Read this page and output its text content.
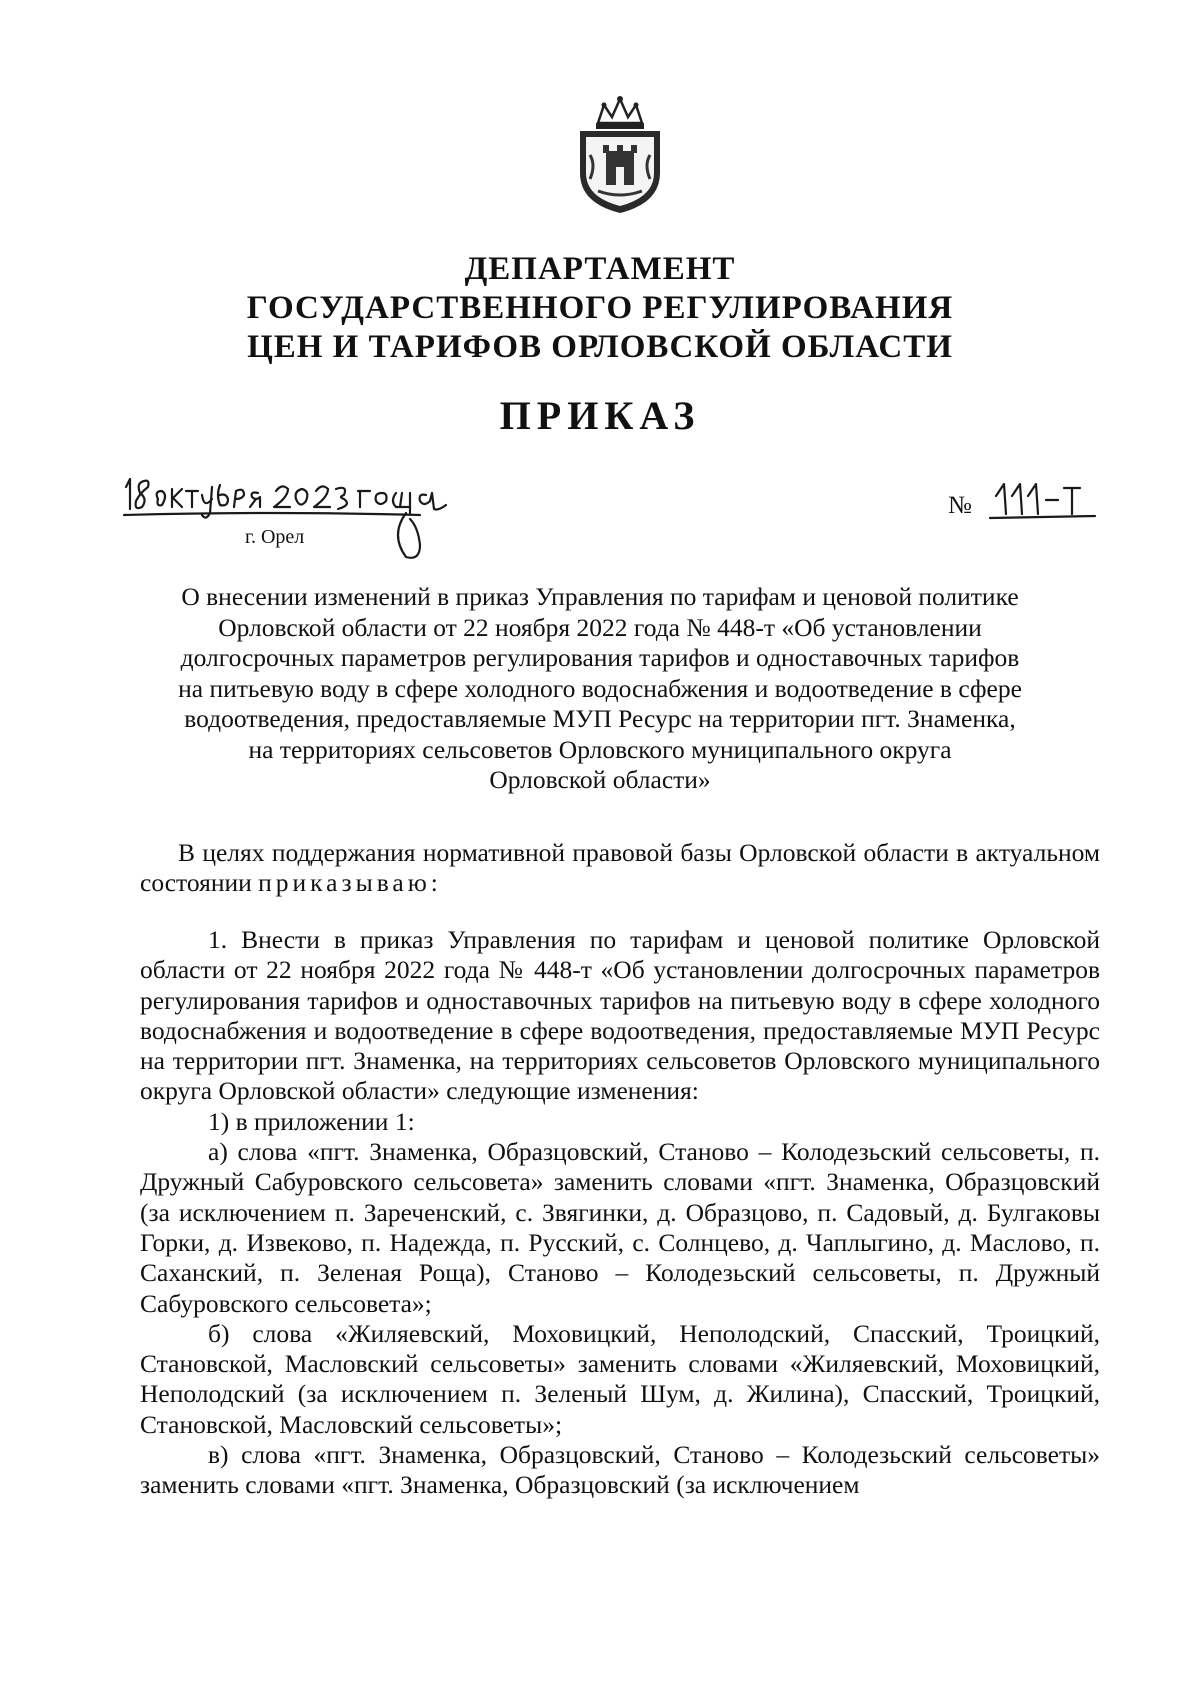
ДЕПАРТАМЕНТ
ГОСУДАРСТВЕННОГО РЕГУЛИРОВАНИЯ
ЦЕН И ТАРИФОВ ОРЛОВСКОЙ ОБЛАСТИ
ПРИКАЗ
г. Орел
№
О внесении изменений в приказ Управления по тарифам и ценовой политике
Орловской области от 22 ноября 2022 года № 448-т «Об установлении
долгосрочных параметров регулирования тарифов и одноставочных тарифов
на питьевую воду в сфере холодного водоснабжения и водоотведение в сфере
водоотведения, предоставляемые МУП Ресурс на территории пгт. Знаменка,
на территориях сельсоветов Орловского муниципального округа
Орловской области»

В целях поддержания нормативной правовой базы Орловской области в актуальном состоянии приказываю:

1. Внести в приказ Управления по тарифам и ценовой политике Орловской области от 22 ноября 2022 года № 448-т «Об установлении долгосрочных параметров регулирования тарифов и одноставочных тарифов на питьевую воду в сфере холодного водоснабжения и водоотведение в сфере водоотведения, предоставляемые МУП Ресурс на территории пгт. Знаменка, на территориях сельсоветов Орловского муниципального округа Орловской области» следующие изменения:

1) в приложении 1:

а) слова «пгт. Знаменка, Образцовский, Станово – Колодезьский сельсоветы, п. Дружный Сабуровского сельсовета» заменить словами «пгт. Знаменка, Образцовский (за исключением п. Зареченский, с. Звягинки, д. Образцово, п. Садовый, д. Булгаковы Горки, д. Извеково, п. Надежда, п. Русский, с. Солнцево, д. Чаплыгино, д. Маслово, п. Саханский, п. Зеленая Роща), Станово – Колодезьский сельсоветы, п. Дружный Сабуровского сельсовета»;

б) слова «Жиляевский, Моховицкий, Неполодский, Спасский, Троицкий, Становской, Масловский сельсоветы» заменить словами «Жиляевский, Моховицкий, Неполодский (за исключением п. Зеленый Шум, д. Жилина), Спасский, Троицкий, Становской, Масловский сельсоветы»;

в) слова «пгт. Знаменка, Образцовский, Станово – Колодезьский сельсоветы» заменить словами «пгт. Знаменка, Образцовский (за исключением
